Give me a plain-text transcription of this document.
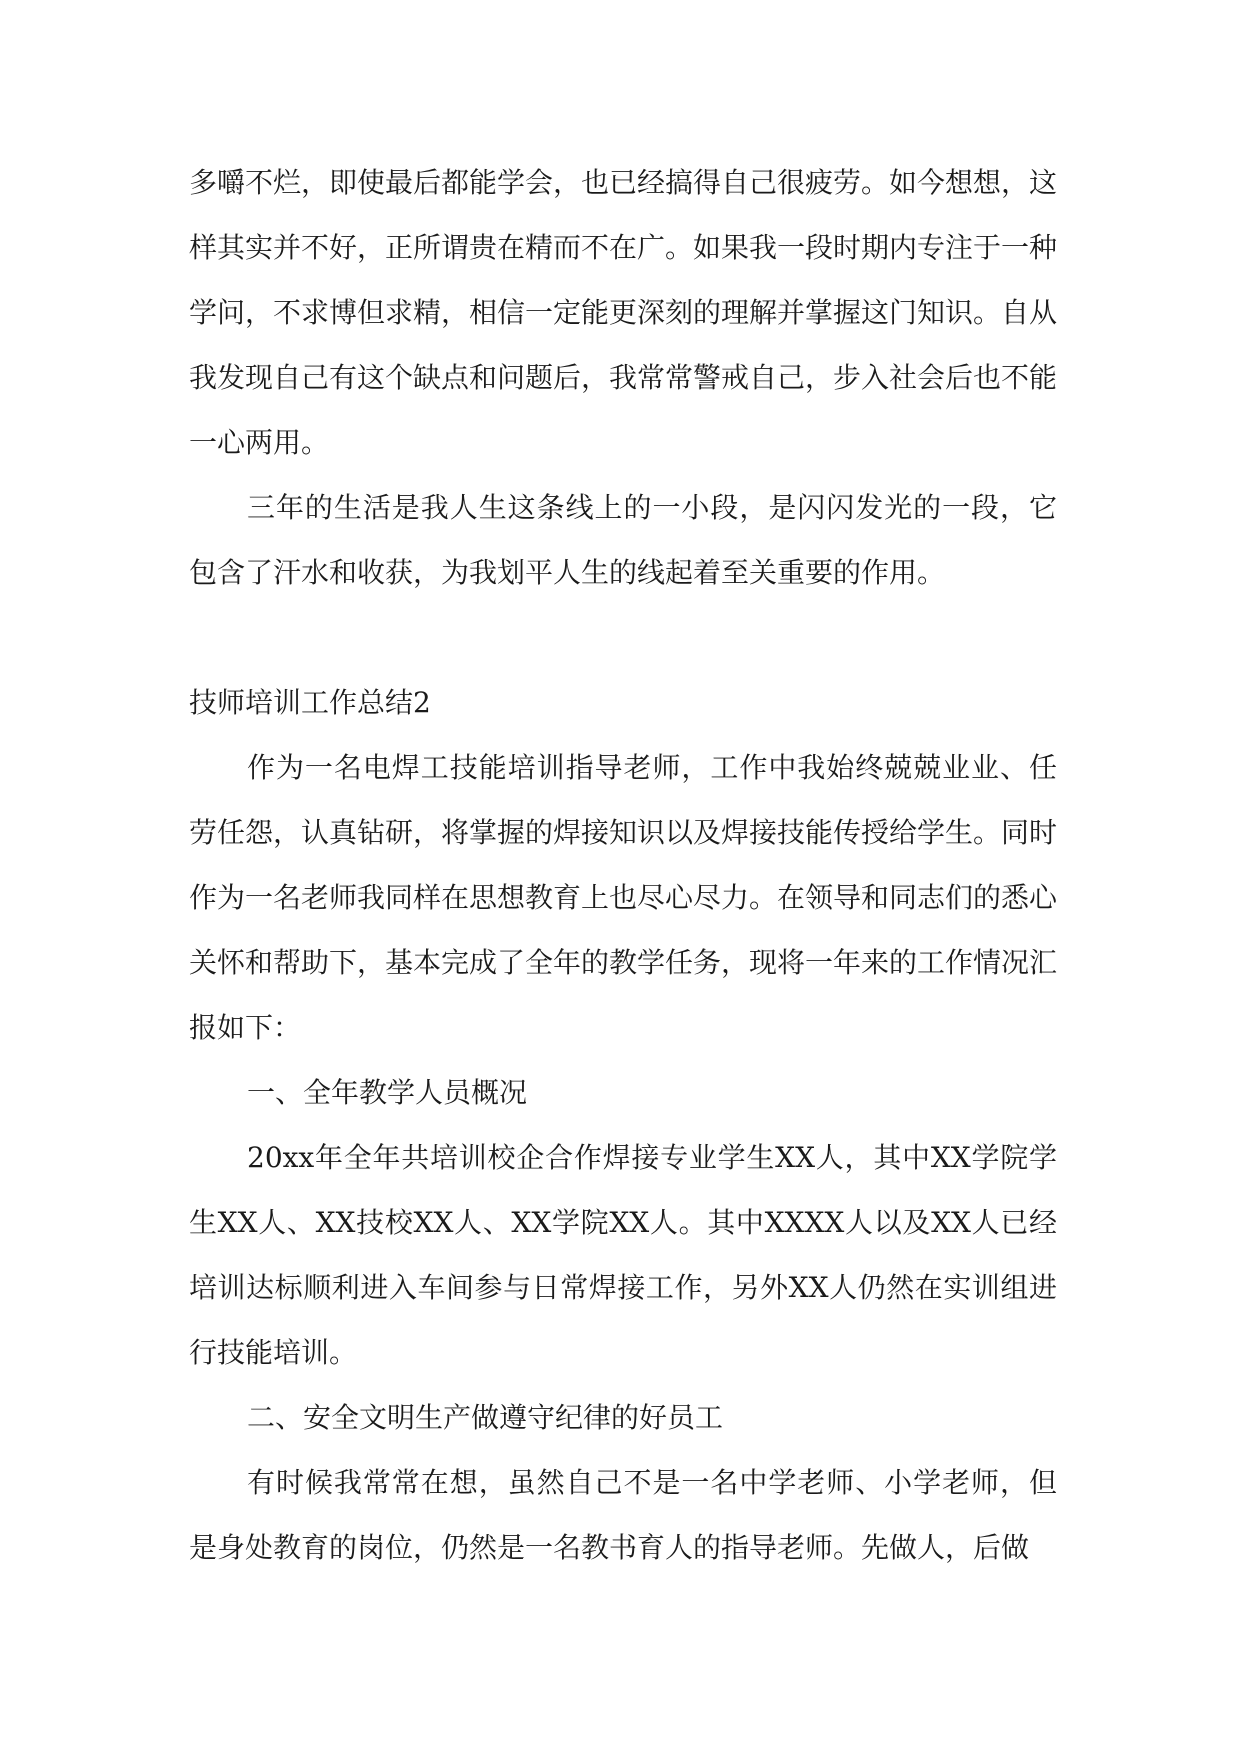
多嚼不烂，即使最后都能学会，也已经搞得自己很疲劳。如今想想，这样其实并不好，正所谓贵在精而不在广。如果我一段时期内专注于一种学问，不求博但求精，相信一定能更深刻的理解并掌握这门知识。自从我发现自己有这个缺点和问题后，我常常警戒自己，步入社会后也不能一心两用。

三年的生活是我人生这条线上的一小段，是闪闪发光的一段，它包含了汗水和收获，为我划平人生的线起着至关重要的作用。

技师培训工作总结2

作为一名电焊工技能培训指导老师，工作中我始终兢兢业业、任劳任怨，认真钻研，将掌握的焊接知识以及焊接技能传授给学生。同时作为一名老师我同样在思想教育上也尽心尽力。在领导和同志们的悉心关怀和帮助下，基本完成了全年的教学任务，现将一年来的工作情况汇报如下：

一、全年教学人员概况

20xx年全年共培训校企合作焊接专业学生XX人，其中XX学院学生XX人、XX技校XX人、XX学院XX人。其中XXXX人以及XX人已经培训达标顺利进入车间参与日常焊接工作，另外XX人仍然在实训组进行技能培训。

二、安全文明生产做遵守纪律的好员工

有时候我常常在想，虽然自己不是一名中学老师、小学老师，但是身处教育的岗位，仍然是一名教书育人的指导老师。先做人，后做
